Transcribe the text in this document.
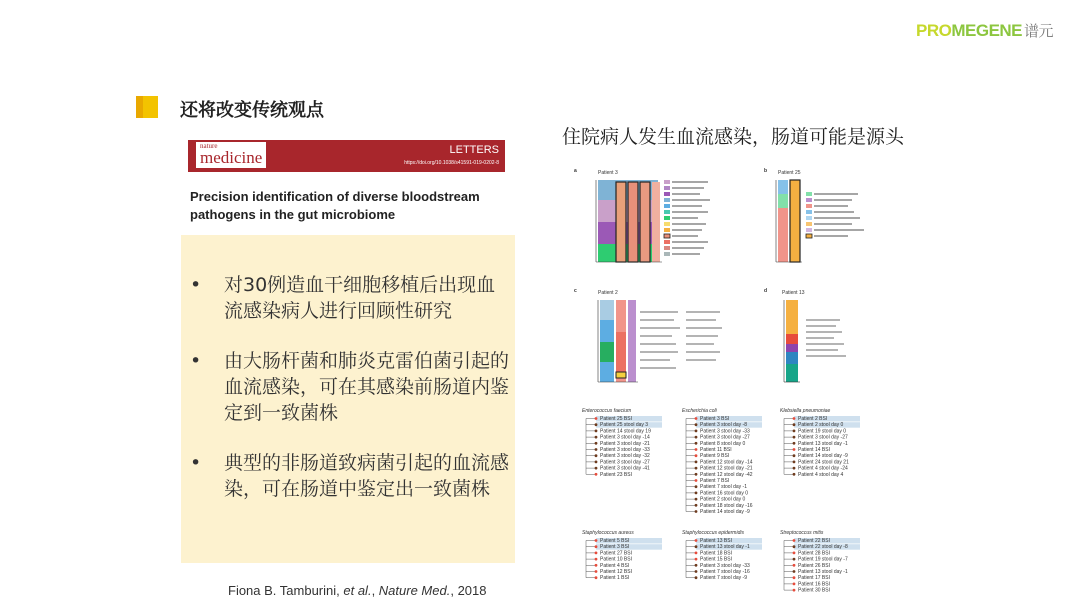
PROMEGENE 谱元
还将改变传统观点
nature
medicine	LETTERS
https://doi.org/10.1038/s41591-019-0202-8
Precision identification of diverse bloodstream pathogens in the gut microbiome
• 对30例造血干细胞移植后出现血流感染病人进行回顾性研究
• 由大肠杆菌和肺炎克雷伯菌引起的血流感染，可在其感染前肠道内鉴定到一致菌株
• 典型的非肠道致病菌引起的血流感染，可在肠道中鉴定出一致菌株
Fiona B. Tamburini, et al., Nature Med., 2018
住院病人发生血流感染，肠道可能是源头
a	Patient 3	b Patient 25
c	Patient 2	d	Patient 13
Enterococcus faecium
Patient 25 BSI
Patient 25 stool day 3
Patient 14 stool day 19
Patient 3 stool day -14
Patient 3 stool day -21
Patient 3 stool day -33
Patient 3 stool day -32
Patient 3 stool day -27
Patient 3 stool day -41
Patient 23 BSI
Escherichia coli
Patient 3 BSI
Patient 3 stool day -8
Patient 3 stool day -33
Patient 3 stool day -27
Patient 8 stool day 0
Patient 11 BSI
Patient 9 BSI
Patient 12 stool day -14
Patient 12 stool day -21
Patient 12 stool day -42
Patient 7 BSI
Patient 7 stool day -1
Patient 16 stool day 0
Patient 2 stool day 0
Patient 18 stool day -16
Patient 14 stool day -9
Klebsiella pneumoniae
Patient 2 BSI
Patient 2 stool day 0
Patient 19 stool day 0
Patient 3 stool day -27
Patient 13 stool day -1
Patient 14 BSI
Patient 14 stool day -9
Patient 24 stool day 21
Patient 4 stool day -24
Patient 4 stool day 4
Staphylococcus aureus
Patient 5 BSI
Patient 3 BSI
Patient 27 BSI
Patient 10 BSI
Patient 4 BSI
Patient 12 BSI
Patient 1 BSI
Staphylococcus epidermidis
Patient 13 BSI
Patient 13 stool day -1
Patient 18 BSI
Patient 15 BSI
Patient 3 stool day -33
Patient 7 stool day -16
Patient 7 stool day -9
Streptococcus mitis
Patient 22 BSI
Patient 22 stool day -8
Patient 28 BSI
Patient 19 stool day -7
Patient 26 BSI
Patient 13 stool day -1
Patient 17 BSI
Patient 16 BSI
Patient 30 BSI
